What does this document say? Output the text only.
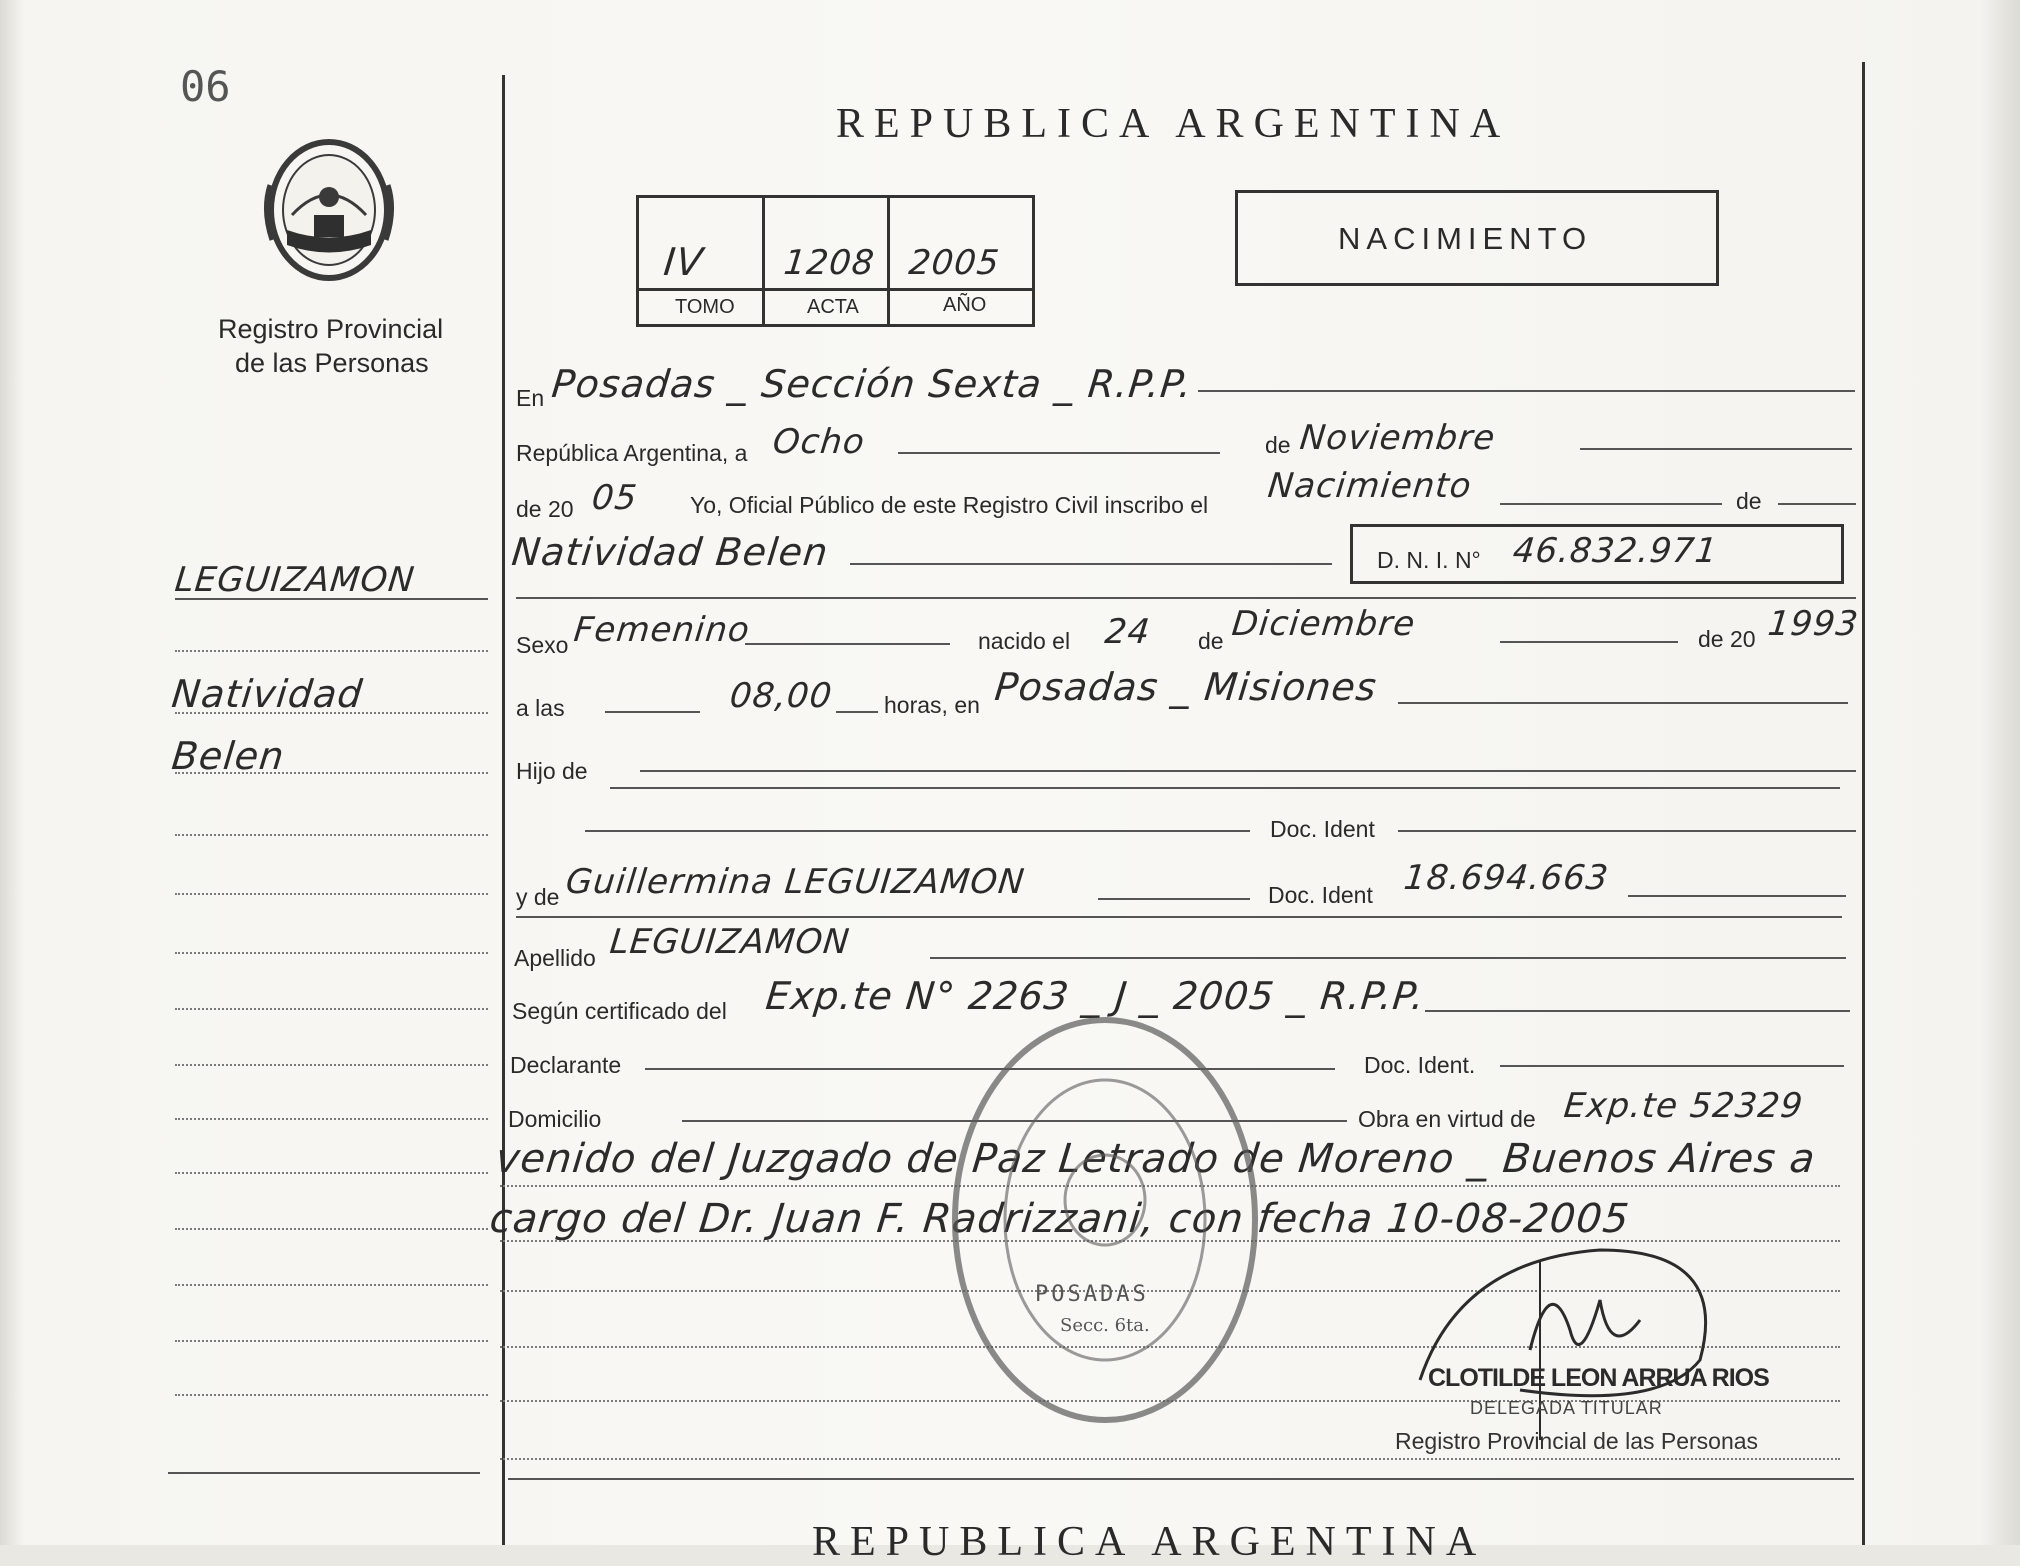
06
Registro Provincial
de las Personas
REPUBLICA ARGENTINA
IV 1208 2005
TOMO	ACTA	AÑO
NACIMIENTO
LEGUIZAMON
Natividad
Belen
En Posadas _ Sección Sexta _ R.P.P.
República Argentina, a Ocho	de Noviembre
de 20 05 Yo, Oficial Público de este Registro Civil inscribo el Nacimiento	de
Natividad Belen	D. N. I. N° 46.832.971
Sexo Femenino	nacido el 24 de Diciembre	de 20 1993
a las	08,00 horas, en Posadas _ Misiones
Hijo de
Doc. Ident
y de Guillermina LEGUIZAMON	Doc. Ident 18.694.663
Apellido LEGUIZAMON
Según certificado del Exp.te N° 2263 _ J _ 2005 _ R.P.P.
Declarante	Doc. Ident.
Domicilio	Obra en virtud de Exp.te 52329
venido del Juzgado de Paz Letrado de Moreno _ Buenos Aires a
cargo del Dr. Juan F. Radrizzani, con fecha 10-08-2005
POSADAS
Secc. 6ta.
CLOTILDE LEON ARRUA RIOS
DELEGADA TITULAR
Registro Provincial de las Personas
REPUBLICA ARGENTINA
